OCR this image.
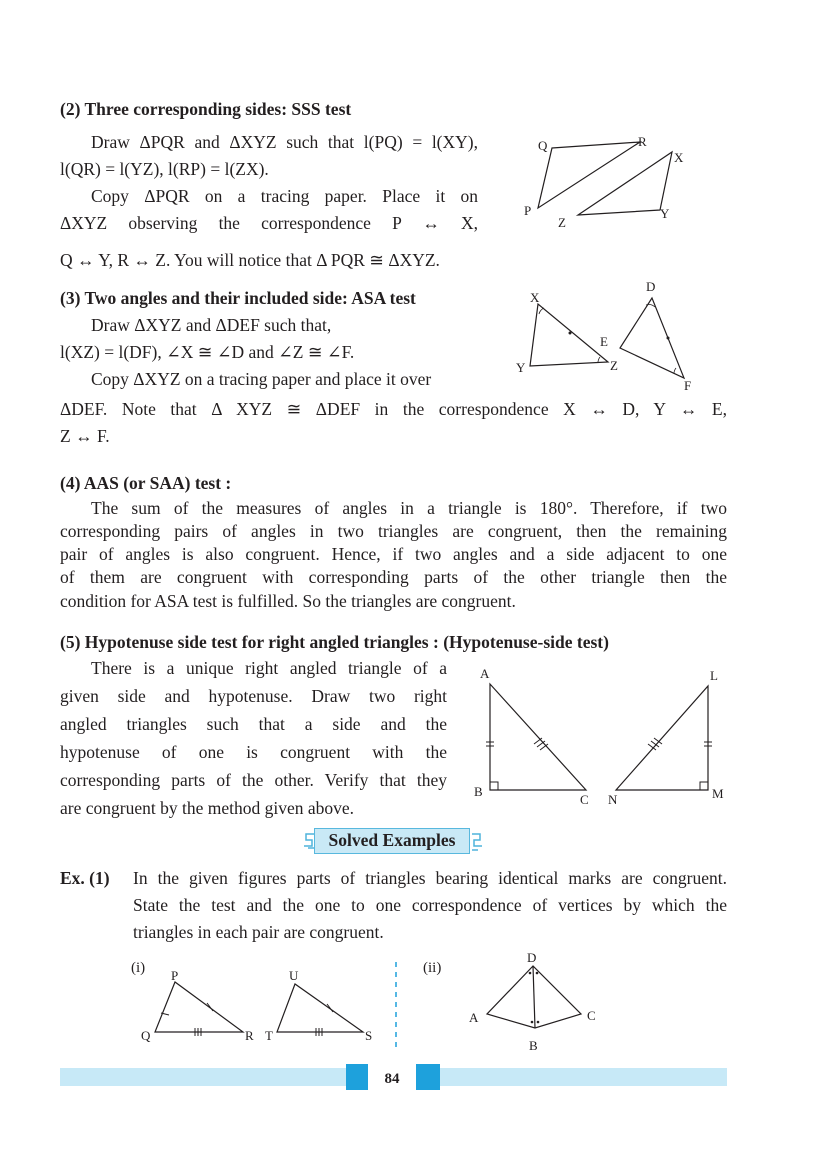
(2) Three corresponding sides: SSS test
Draw ΔPQR and ΔXYZ such that l(PQ) = l(XY),
l(QR) = l(YZ), l(RP) = l(ZX).
Copy ΔPQR on a tracing paper. Place it on
ΔXYZ observing the correspondence P ↔ X,
Q ↔ Y, R ↔ Z. You will notice that Δ PQR ≅ ΔXYZ.
Q	R
X
P
Z
Y
(3) Two angles and their included side: ASA test
Draw ΔXYZ and ΔDEF such that,
l(XZ) = l(DF), ∠X ≅ ∠D and ∠Z ≅ ∠F.
Copy ΔXYZ on a tracing paper and place it over
ΔDEF. Note that Δ XYZ ≅ ΔDEF in the correspondence X ↔ D, Y ↔ E,
Z ↔ F.
X
D
E
Y	Z
F
(4) AAS (or SAA) test :
The sum of the measures of angles in a triangle is 180°. Therefore, if two
corresponding pairs of angles in two triangles are congruent, then the remaining
pair of angles is also congruent. Hence, if two angles and a side adjacent to one
of them are congruent with corresponding parts of the other triangle then the
condition for ASA test is fulfilled. So the triangles are congruent.
(5) Hypotenuse side test for right angled triangles : (Hypotenuse-side test)
There is a unique right angled triangle of a
given side and hypotenuse. Draw two right
angled triangles such that a side and the
hypotenuse of one is congruent with the
corresponding parts of the other. Verify that they
are congruent by the method given above.
A	L
B
C N	M
Solved Examples
Ex. (1) In the given figures parts of triangles bearing identical marks are congruent.
State the test and the one to one correspondence of vertices by which the
triangles in each pair are congruent.
(i) P	U
Q	R T	S
(ii)
D
A	C
B
84
